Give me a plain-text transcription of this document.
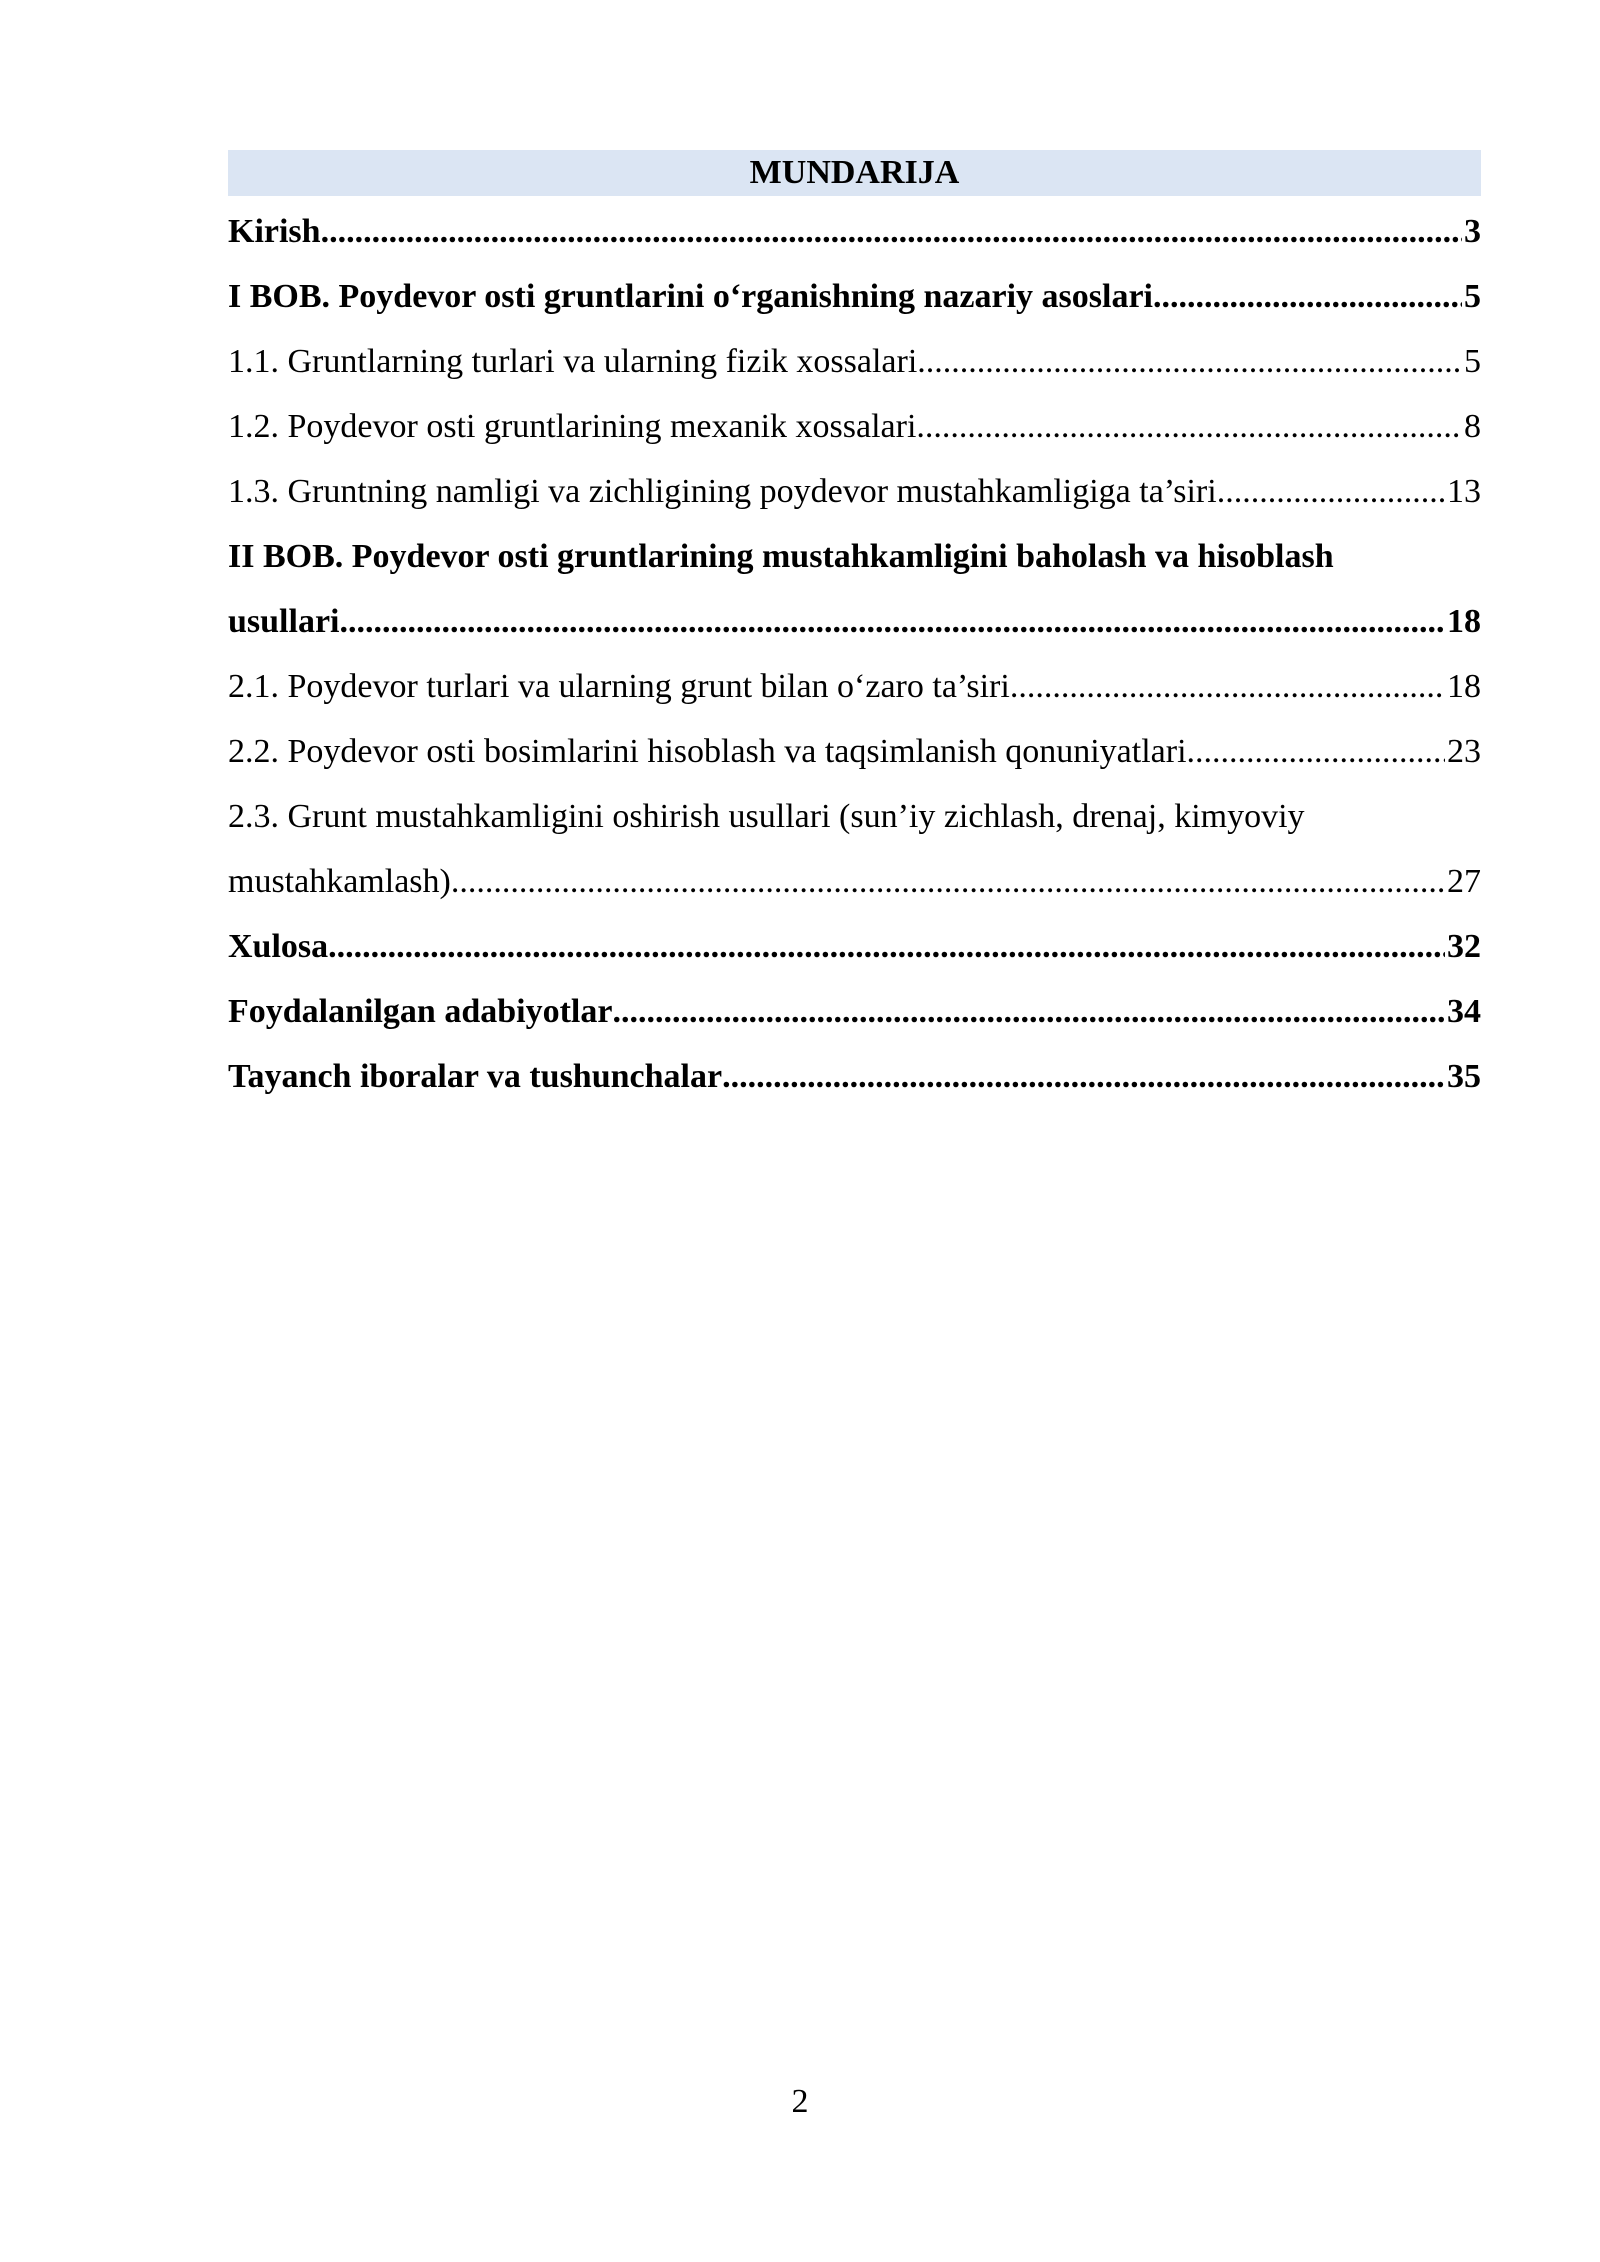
MUNDARIJA
Kirish .....	3
I BOB. Poydevor osti gruntlarini o‘rganishning nazariy asoslari .....	5
1.1. Gruntlarning turlari va ularning fizik xossalari .....	5
1.2. Poydevor osti gruntlarining mexanik xossalari .....	8
1.3. Gruntning namligi va zichligining poydevor mustahkamligiga ta’siri .....	13
II BOB. Poydevor osti gruntlarining mustahkamligini baholash va hisoblash
usullari .....	18
2.1. Poydevor turlari va ularning grunt bilan o‘zaro ta’siri .....	18
2.2. Poydevor osti bosimlarini hisoblash va taqsimlanish qonuniyatlari .....	23
2.3. Grunt mustahkamligini oshirish usullari (sun’iy zichlash, drenaj, kimyoviy
mustahkamlash) .....	27
Xulosa .....	32
Foydalanilgan adabiyotlar .....	34
Tayanch iboralar va tushunchalar .....	35
2
